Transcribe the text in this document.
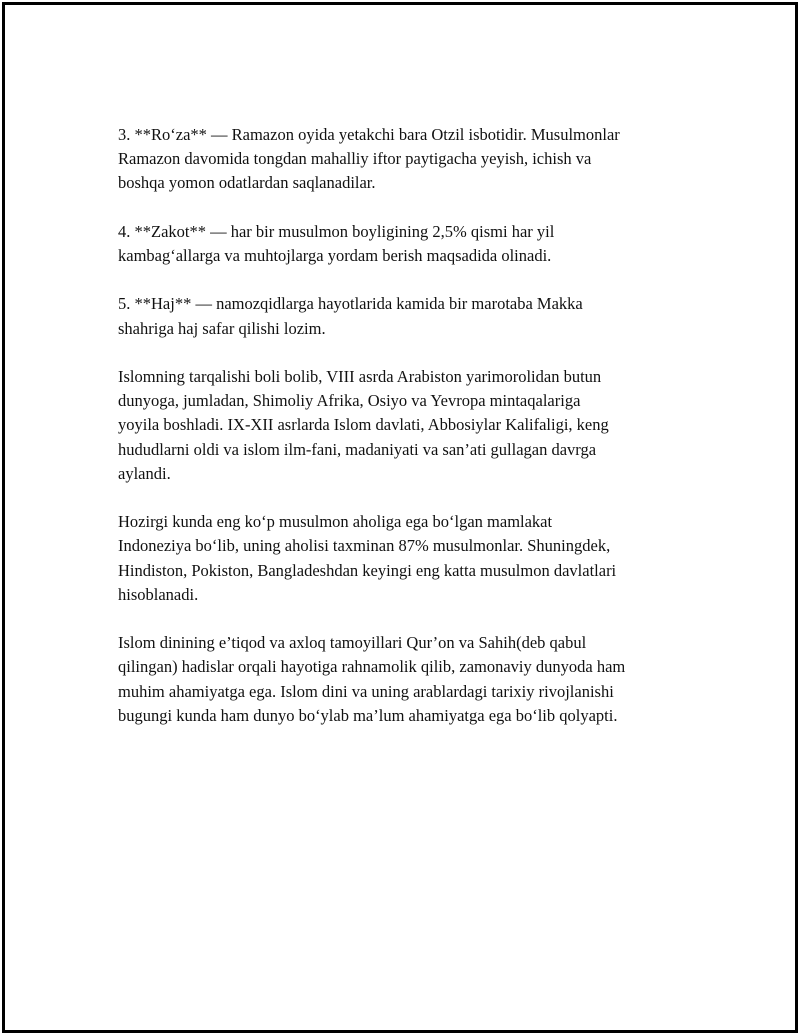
3. **Ro‘za** — Ramazon oyida yetakchi bara Otzil isbotidir. Musulmonlar
Ramazon davomida tongdan mahalliy iftor paytigacha yeyish, ichish va
boshqa yomon odatlardan saqlanadilar.

4. **Zakot** — har bir musulmon boyligining 2,5% qismi har yil
kambag‘allarga va muhtojlarga yordam berish maqsadida olinadi.

5. **Haj** — namozqidlarga hayotlarida kamida bir marotaba Makka
shahriga haj safar qilishi lozim.

Islomning tarqalishi boli bolib, VIII asrda Arabiston yarimorolidan butun
dunyoga, jumladan, Shimoliy Afrika, Osiyo va Yevropa mintaqalariga
yoyila boshladi. IX-XII asrlarda Islom davlati, Abbosiylar Kalifaligi, keng
hududlarni oldi va islom ilm-fani, madaniyati va san’ati gullagan davrga
aylandi.

Hozirgi kunda eng ko‘p musulmon aholiga ega bo‘lgan mamlakat
Indoneziya bo‘lib, uning aholisi taxminan 87% musulmonlar. Shuningdek,
Hindiston, Pokiston, Bangladeshdan keyingi eng katta musulmon davlatlari
hisoblanadi.

Islom dinining e’tiqod va axloq tamoyillari Qur’on va Sahih(deb qabul
qilingan) hadislar orqali hayotiga rahnamolik qilib, zamonaviy dunyoda ham
muhim ahamiyatga ega. Islom dini va uning arablardagi tarixiy rivojlanishi
bugungi kunda ham dunyo bo‘ylab ma’lum ahamiyatga ega bo‘lib qolyapti.
